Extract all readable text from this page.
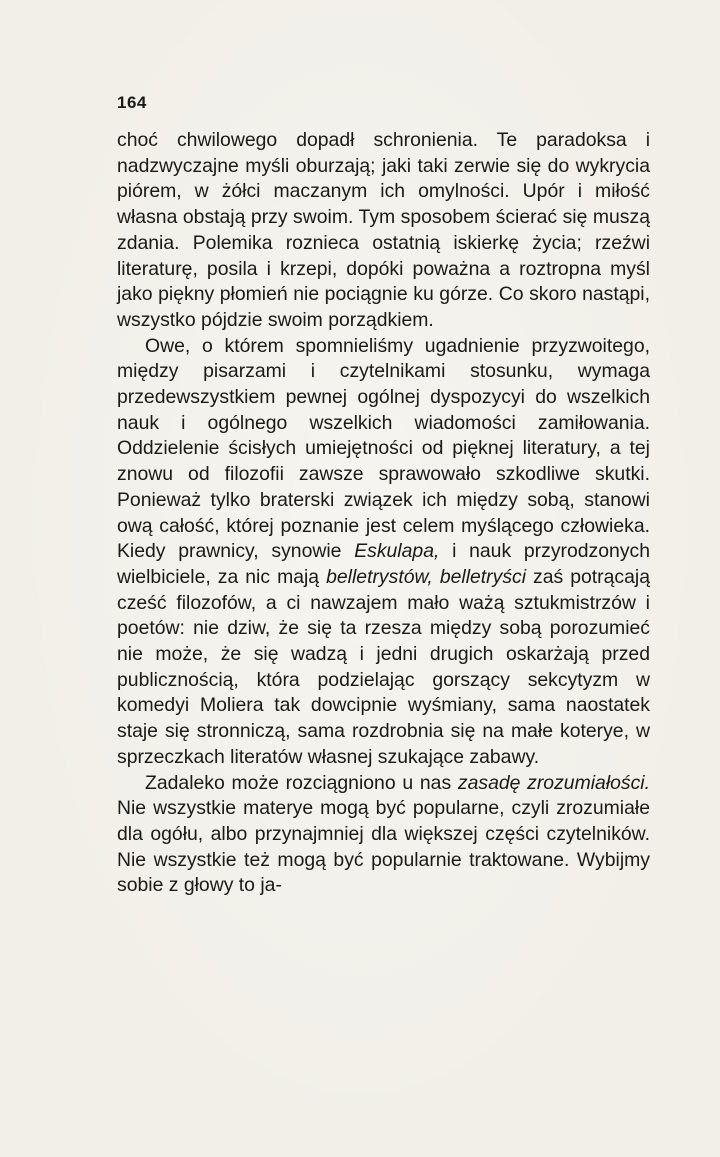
164

choć chwilowego dopadł schronienia. Te paradoksa i nadzwyczajne myśli oburzają; jaki taki zerwie się do wykrycia piórem, w żółci maczanym ich omylności. Upór i miłość własna obstają przy swoim. Tym sposobem ścierać się muszą zdania. Polemika roznieca ostatnią iskierkę życia; rzeźwi literaturę, posila i krzepi, dopóki poważna a roztropna myśl jako piękny płomień nie pociągnie ku górze. Co skoro nastąpi, wszystko pójdzie swoim porządkiem.

Owe, o którem spomnieliśmy ugadnienie przyzwoitego, między pisarzami i czytelnikami stosunku, wymaga przedewszystkiem pewnej ogólnej dyspozycyi do wszelkich nauk i ogólnego wszelkich wiadomości zamiłowania. Oddzielenie ścisłych umiejętności od pięknej literatury, a tej znowu od filozofii zawsze sprawowało szkodliwe skutki. Ponieważ tylko braterski związek ich między sobą, stanowi ową całość, której poznanie jest celem myślącego człowieka. Kiedy prawnicy, synowie Eskulapa, i nauk przyrodzonych wielbiciele, za nic mają belletrystów, belletryści zaś potrącają cześć filozofów, a ci nawzajem mało ważą sztukmistrzów i poetów: nie dziw, że się ta rzesza między sobą porozumieć nie może, że się wadzą i jedni drugich oskarżają przed publicznością, która podzielając gorszący sekcytyzm w komedyi Moliera tak dowcipnie wyśmiany, sama naostatek staje się stronniczą, sama rozdrobnia się na małe koterye, w sprzeczkach literatów własnej szukające zabawy.

Zadaleko może rozciągniono u nas zasadę zrozumiałości. Nie wszystkie materye mogą być popularne, czyli zrozumiałe dla ogółu, albo przynajmniej dla większej części czytelników. Nie wszystkie też mogą być popularnie traktowane. Wybijmy sobie z głowy to ja-
